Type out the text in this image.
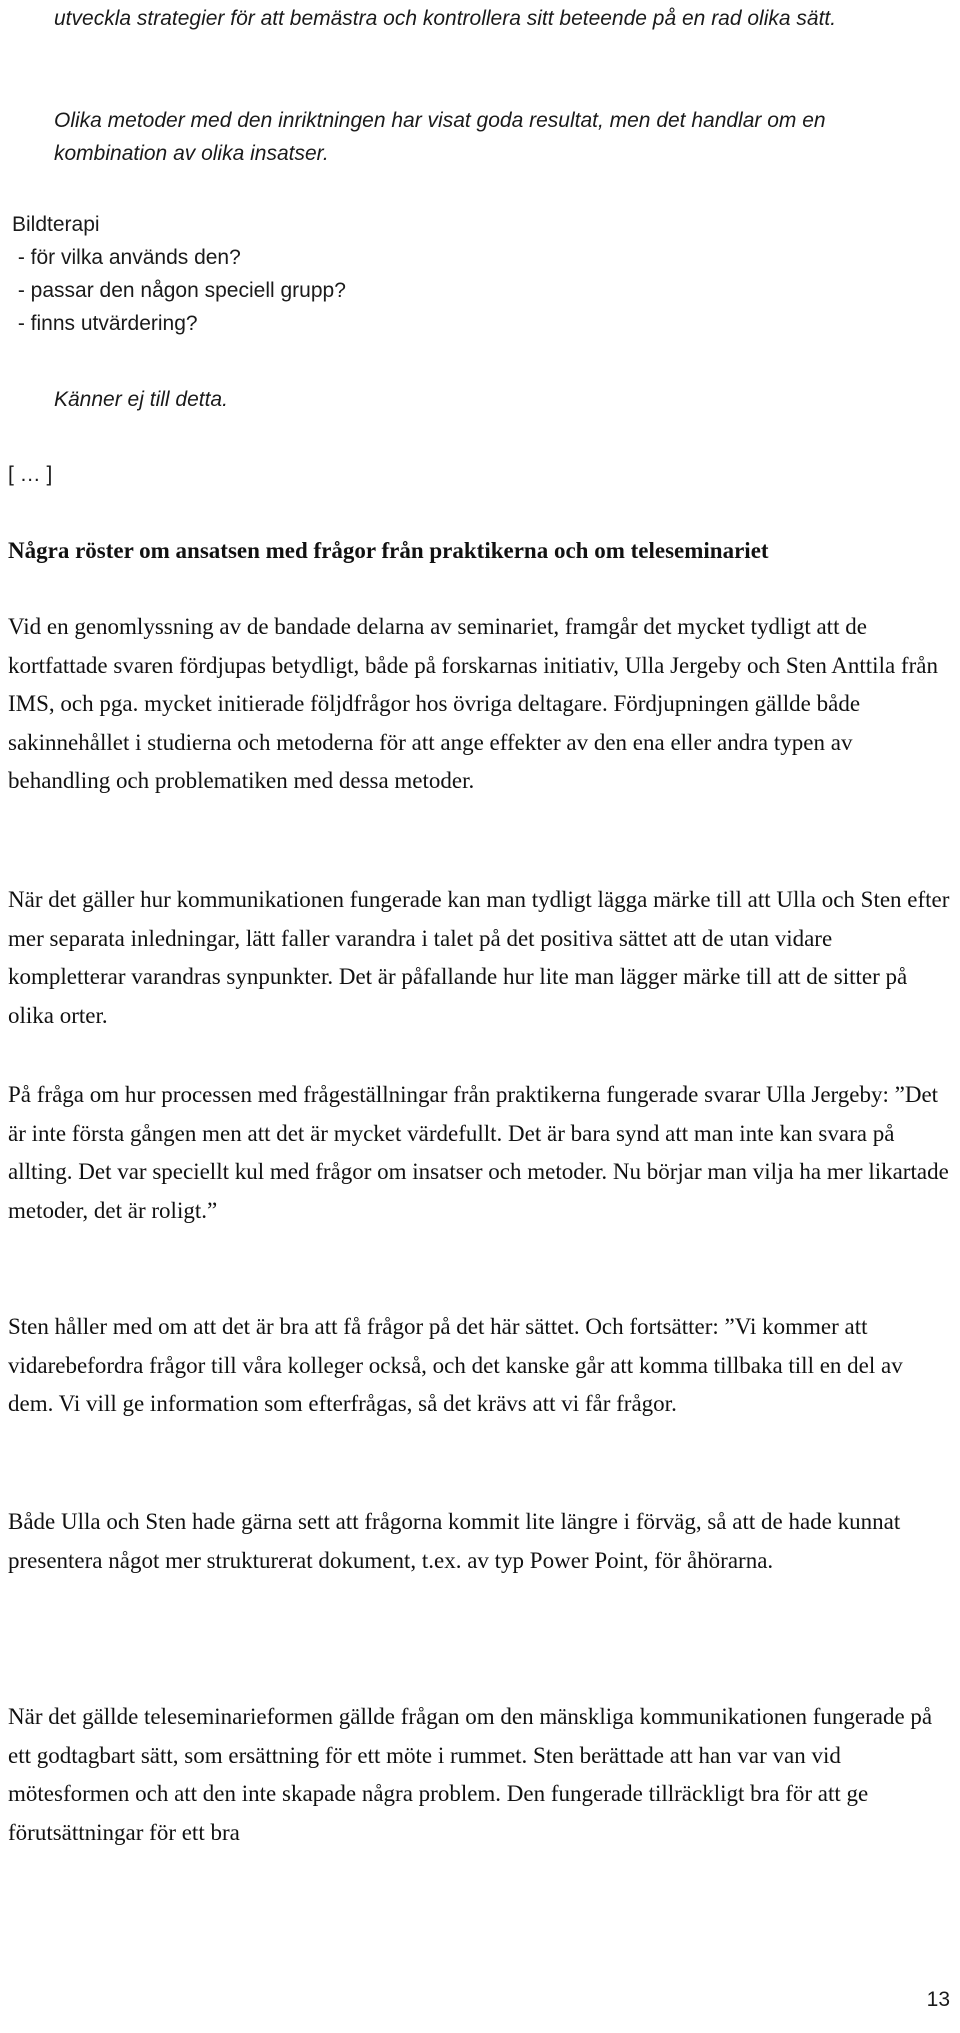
utveckla strategier för att bemästra och kontrollera sitt beteende på en rad olika sätt.
Olika metoder med den inriktningen har visat goda resultat, men det handlar om en kombination av olika insatser.
Bildterapi
- för vilka används den?
- passar den någon speciell grupp?
- finns utvärdering?
Känner ej till detta.
[ … ]
Några röster om ansatsen med frågor från praktikerna och om teleseminariet

Vid en genomlyssning av de bandade delarna av seminariet, framgår det mycket tydligt att de kortfattade svaren fördjupas betydligt, både på forskarnas initiativ, Ulla Jergeby och Sten Anttila från IMS, och pga. mycket initierade följdfrågor hos övriga deltagare. Fördjupningen gällde både sakinnehållet i studierna och metoderna för att ange effekter av den ena eller andra typen av behandling och problematiken med dessa metoder.

När det gäller hur kommunikationen fungerade kan man tydligt lägga märke till att Ulla och Sten efter mer separata inledningar, lätt faller varandra i talet på det positiva sättet att de utan vidare kompletterar varandras synpunkter. Det är påfallande hur lite man lägger märke till att de sitter på olika orter.

På fråga om hur processen med frågeställningar från praktikerna fungerade svarar Ulla Jergeby: ”Det är inte första gången men att det är mycket värdefullt. Det är bara synd att man inte kan svara på allting. Det var speciellt kul med frågor om insatser och metoder. Nu börjar man vilja ha mer likartade metoder, det är roligt.”

Sten håller med om att det är bra att få frågor på det här sättet. Och fortsätter: ”Vi kommer att vidarebefordra frågor till våra kolleger också, och det kanske går att komma tillbaka till en del av dem. Vi vill ge information som efterfrågas, så det krävs att vi får frågor.

Både Ulla och Sten hade gärna sett att frågorna kommit lite längre i förväg, så att de hade kunnat presentera något mer strukturerat dokument, t.ex. av typ Power Point, för åhörarna.

När det gällde teleseminarieformen gällde frågan om den mänskliga kommunikationen fungerade på ett godtagbart sätt, som ersättning för ett möte i rummet. Sten berättade att han var van vid mötesformen och att den inte skapade några problem. Den fungerade tillräckligt bra för att ge förutsättningar för ett bra

13
